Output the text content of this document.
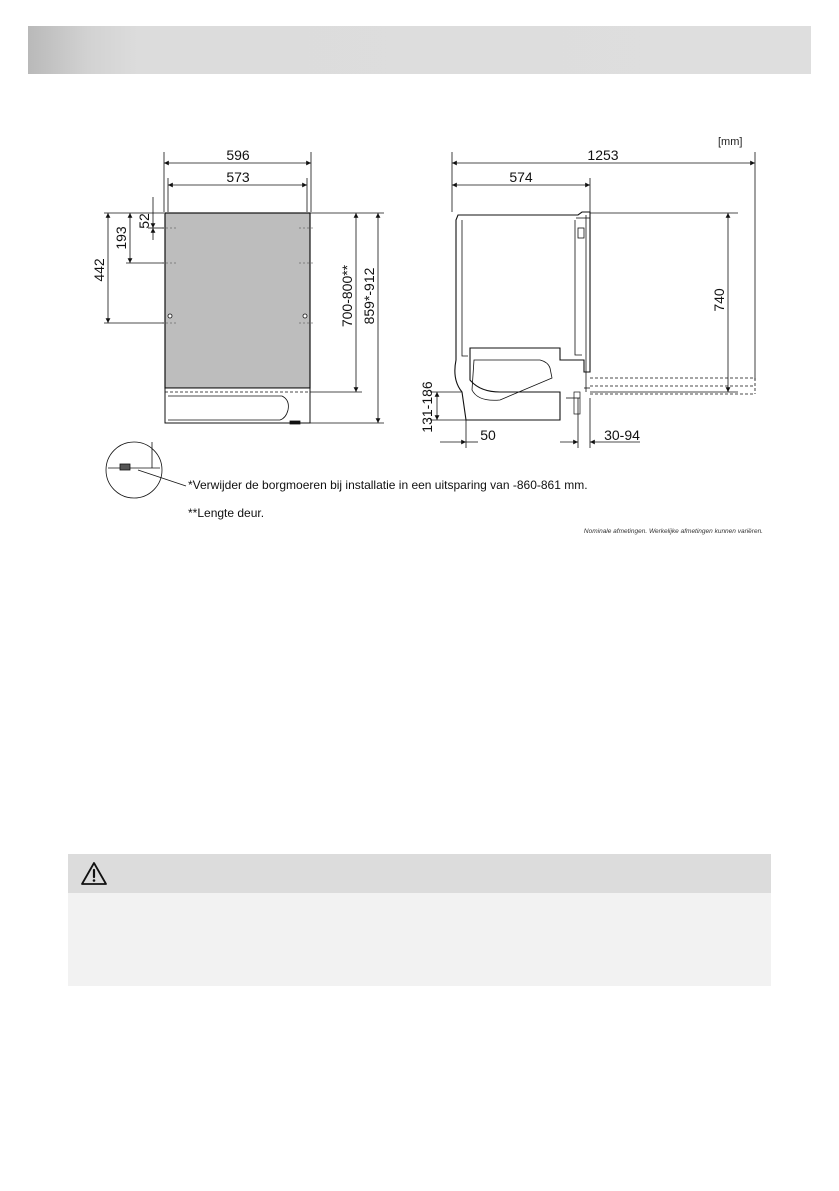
[mm]
596
573
52
193
442	700-800** 859*-912
1253
574
740
131-186
50	30-94
*Verwijder de borgmoeren bij installatie in een uitsparing van -860-861 mm.
**Lengte deur.
Nominale afmetingen. Werkelijke afmetingen kunnen variëren.
